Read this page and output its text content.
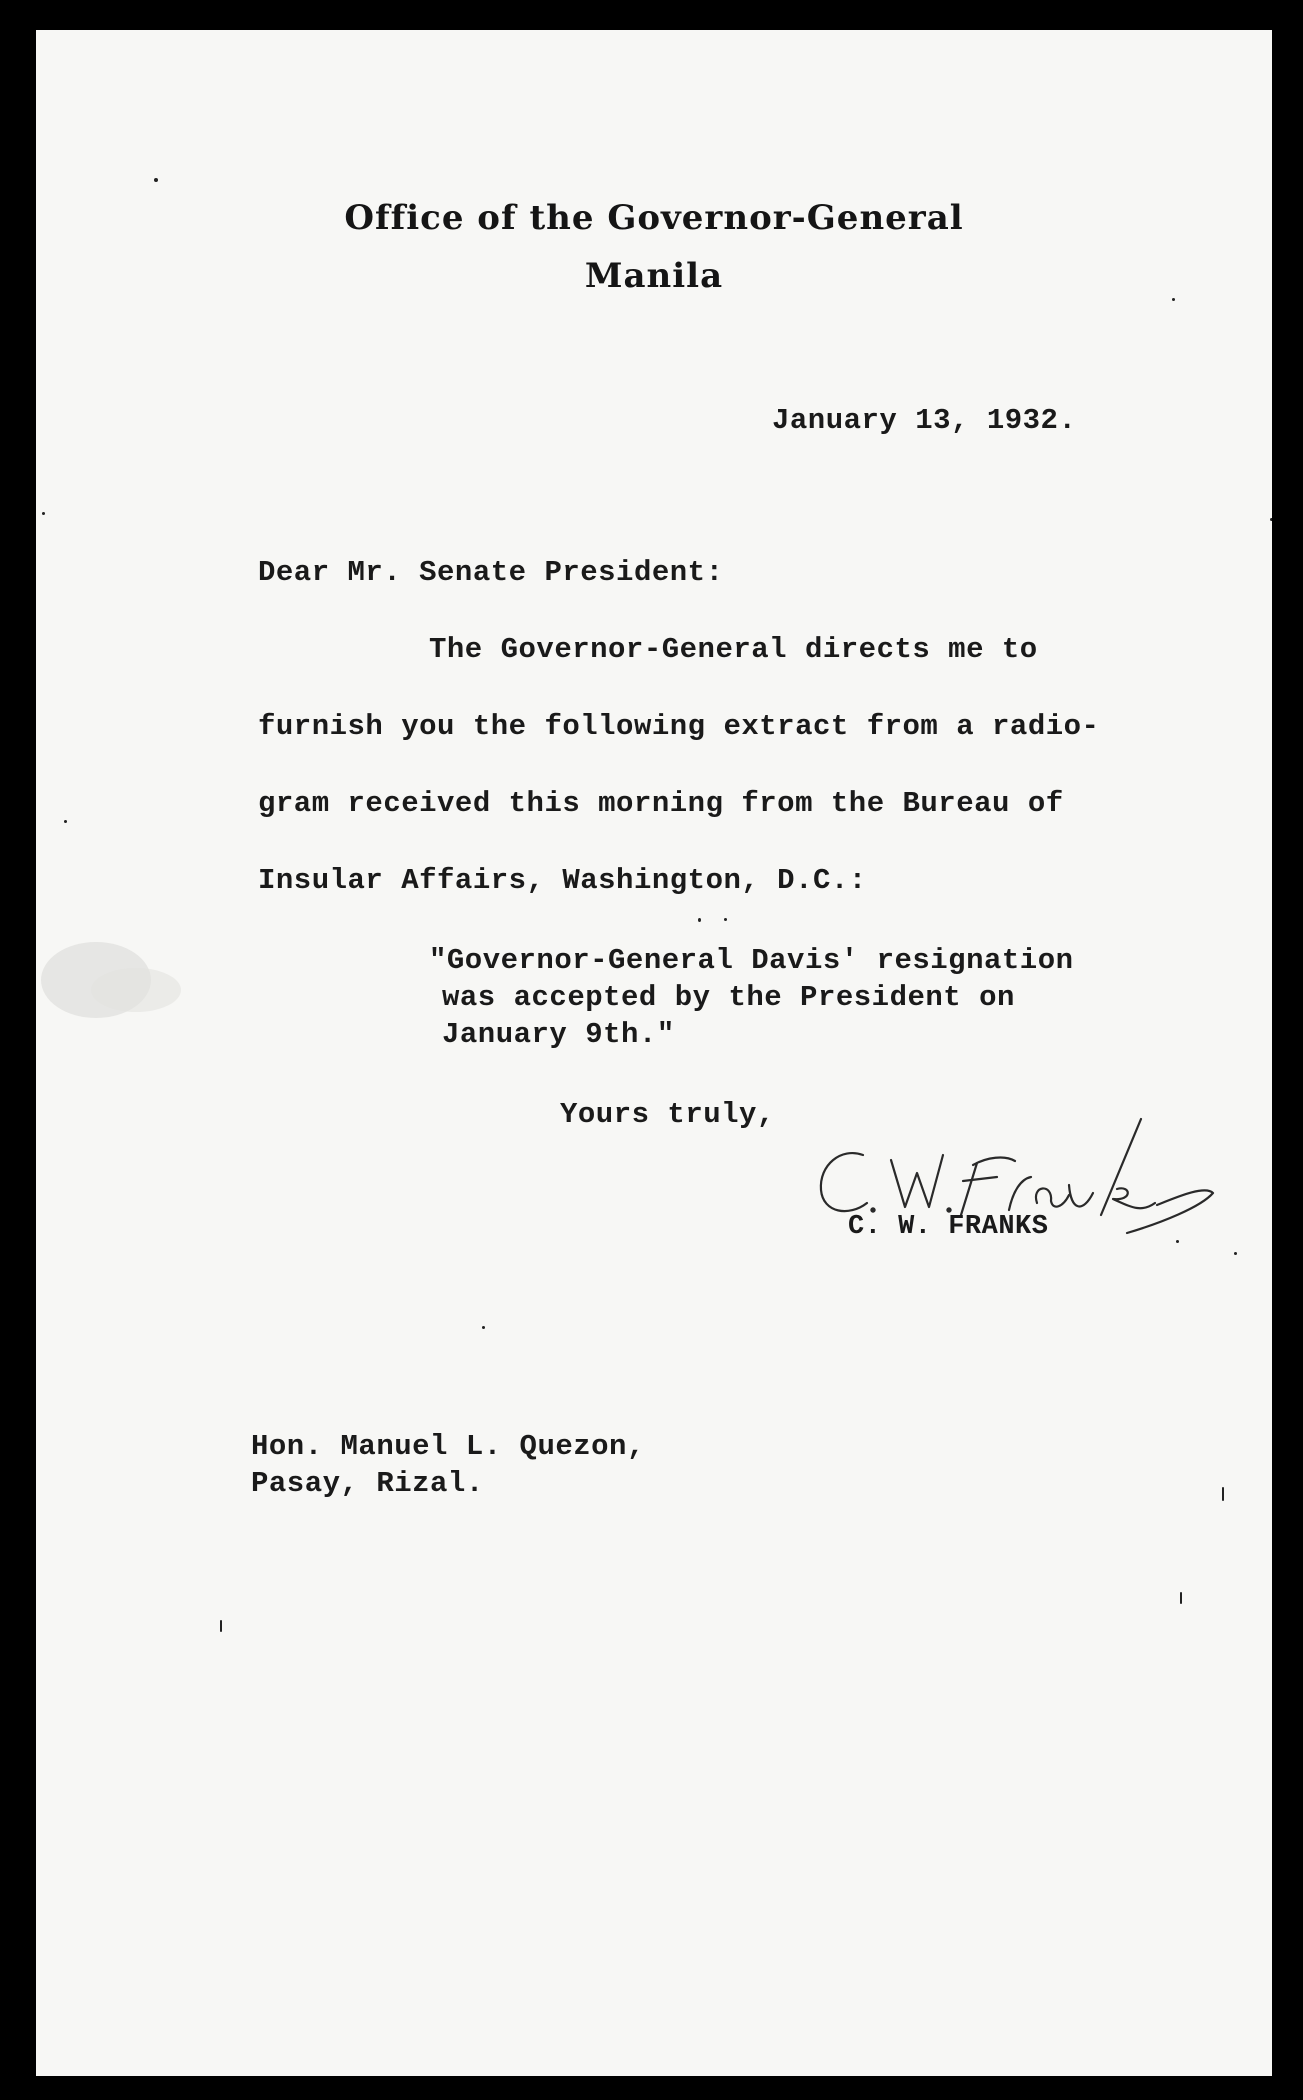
Office of the Governor-General
Manila

January 13, 1932.

Dear Mr. Senate President:

The Governor-General directs me to

furnish you the following extract from a radio-

gram received this morning from the Bureau of

Insular Affairs, Washington, D.C.:

"Governor-General Davis' resignation

was accepted by the President on

January 9th."

Yours truly,

C. W. FRANKS

Hon. Manuel L. Quezon,

Pasay, Rizal.
